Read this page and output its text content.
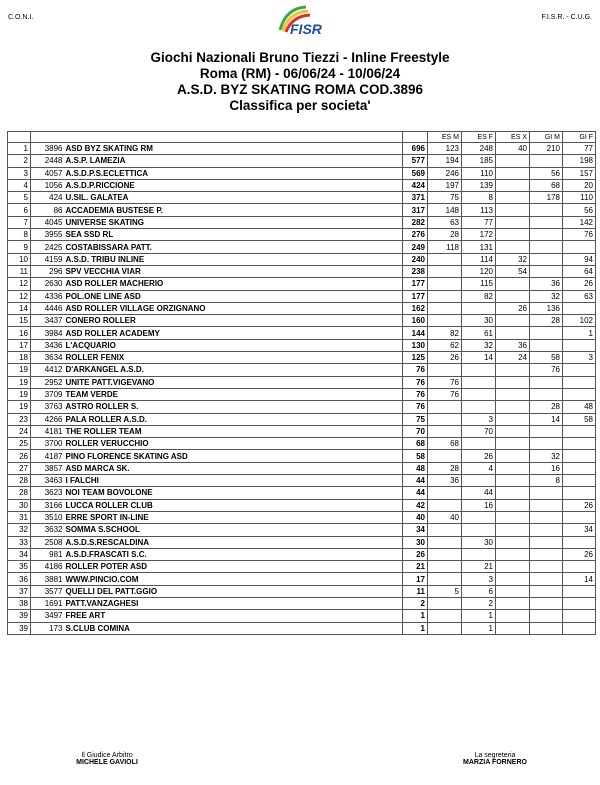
C.O.N.I.	F.I.S.R. - C.U.G.
FISR
Giochi Nazionali Bruno Tiezzi - Inline Freestyle
Roma (RM) - 06/06/24 - 10/06/24
A.S.D. BYZ SKATING ROMA COD.3896
Classifica per societa'
				ES M	ES F	ES X	GI M	GI F
1	3896	ASD BYZ SKATING RM	696	123	248	40	210	77
2	2448	A.S.P. LAMEZIA	577	194	185			198
3	4057	A.S.D.P.S.ECLETTICA	569	246	110		56	157
4	1056	A.S.D.P.RICCIONE	424	197	139		68	20
5	424	U.SIL. GALATEA	371	75	8		178	110
6	86	ACCADEMIA BUSTESE P.	317	148	113			56
7	4045	UNIVERSE SKATING	282	63	77			142
8	3955	SEA SSD RL	276	28	172			76
9	2425	COSTABISSARA PATT.	249	118	131			
10	4159	A.S.D. TRIBU INLINE	240		114	32		94
11	296	SPV VECCHIA VIAR	238		120	54		64
12	2630	ASD ROLLER MACHERIO	177		115		36	26
12	4336	POL.ONE LINE ASD	177		82		32	63
14	4446	ASD ROLLER VILLAGE ORZIGNANO	162			26	136	
15	3437	CONERO ROLLER	160		30		28	102
16	3984	ASD ROLLER ACADEMY	144	82	61			1
17	3436	L'ACQUARIO	130	62	32	36		
18	3634	ROLLER FENIX	125	26	14	24	58	3
19	4412	D'ARKANGEL A.S.D.	76				76	
19	2952	UNITE PATT.VIGEVANO	76	76				
19	3709	TEAM VERDE	76	76				
19	3763	ASTRO ROLLER S.	76				28	48
23	4266	PALA ROLLER A.S.D.	75		3		14	58
24	4181	THE ROLLER TEAM	70		70			
25	3700	ROLLER VERUCCHIO	68	68				
26	4187	PINO FLORENCE SKATING ASD	58		26		32	
27	3857	ASD MARCA SK.	48	28	4		16	
28	3463	I FALCHI	44	36			8	
28	3623	NOI TEAM BOVOLONE	44		44			
30	3166	LUCCA ROLLER CLUB	42		16			26
31	3510	ERRE SPORT IN-LINE	40	40				
32	3632	SOMMA S.SCHOOL	34					34
33	2508	A.S.D.S.RESCALDINA	30		30			
34	981	A.S.D.FRASCATI S.C.	26					26
35	4186	ROLLER POTER ASD	21		21			
36	3881	WWW.PINCIO.COM	17		3			14
37	3577	QUELLI DEL PATT.GGIO	11	5	6			
38	1691	PATT.VANZAGHESI	2		2			
39	3497	FREE ART	1		1			
39	173	S.CLUB COMINA	1		1			
Il Giudice Arbitro
MICHELE GAVIOLI
La segreteria
MARZIA FORNERO
